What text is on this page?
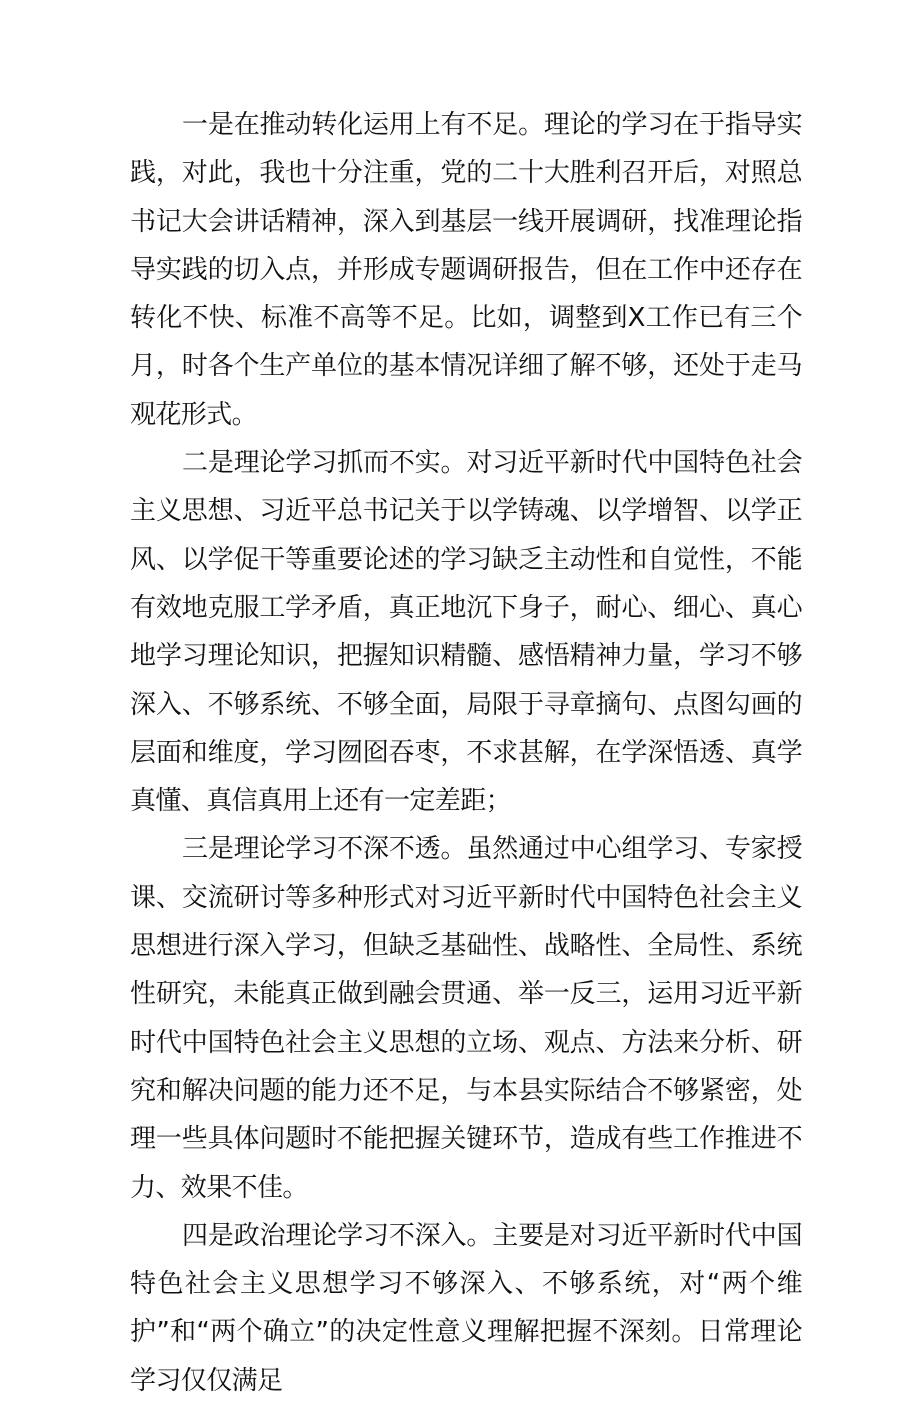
一是在推动转化运用上有不足。理论的学习在于指导实践，对此，我也十分注重，党的二十大胜利召开后，对照总书记大会讲话精神，深入到基层一线开展调研，找准理论指导实践的切入点，并形成专题调研报告，但在工作中还存在转化不快、标准不高等不足。比如，调整到X工作已有三个月，时各个生产单位的基本情况详细了解不够，还处于走马观花形式。

二是理论学习抓而不实。对习近平新时代中国特色社会主义思想、习近平总书记关于以学铸魂、以学增智、以学正风、以学促干等重要论述的学习缺乏主动性和自觉性，不能有效地克服工学矛盾，真正地沉下身子，耐心、细心、真心地学习理论知识，把握知识精髓、感悟精神力量，学习不够深入、不够系统、不够全面，局限于寻章摘句、点图勾画的层面和维度，学习囫囵吞枣，不求甚解，在学深悟透、真学真懂、真信真用上还有一定差距；

三是理论学习不深不透。虽然通过中心组学习、专家授课、交流研讨等多种形式对习近平新时代中国特色社会主义思想进行深入学习，但缺乏基础性、战略性、全局性、系统性研究，未能真正做到融会贯通、举一反三，运用习近平新时代中国特色社会主义思想的立场、观点、方法来分析、研究和解决问题的能力还不足，与本县实际结合不够紧密，处理一些具体问题时不能把握关键环节，造成有些工作推进不力、效果不佳。

四是政治理论学习不深入。主要是对习近平新时代中国特色社会主义思想学习不够深入、不够系统，对“两个维护”和“两个确立”的决定性意义理解把握不深刻。日常理论学习仅仅满足
